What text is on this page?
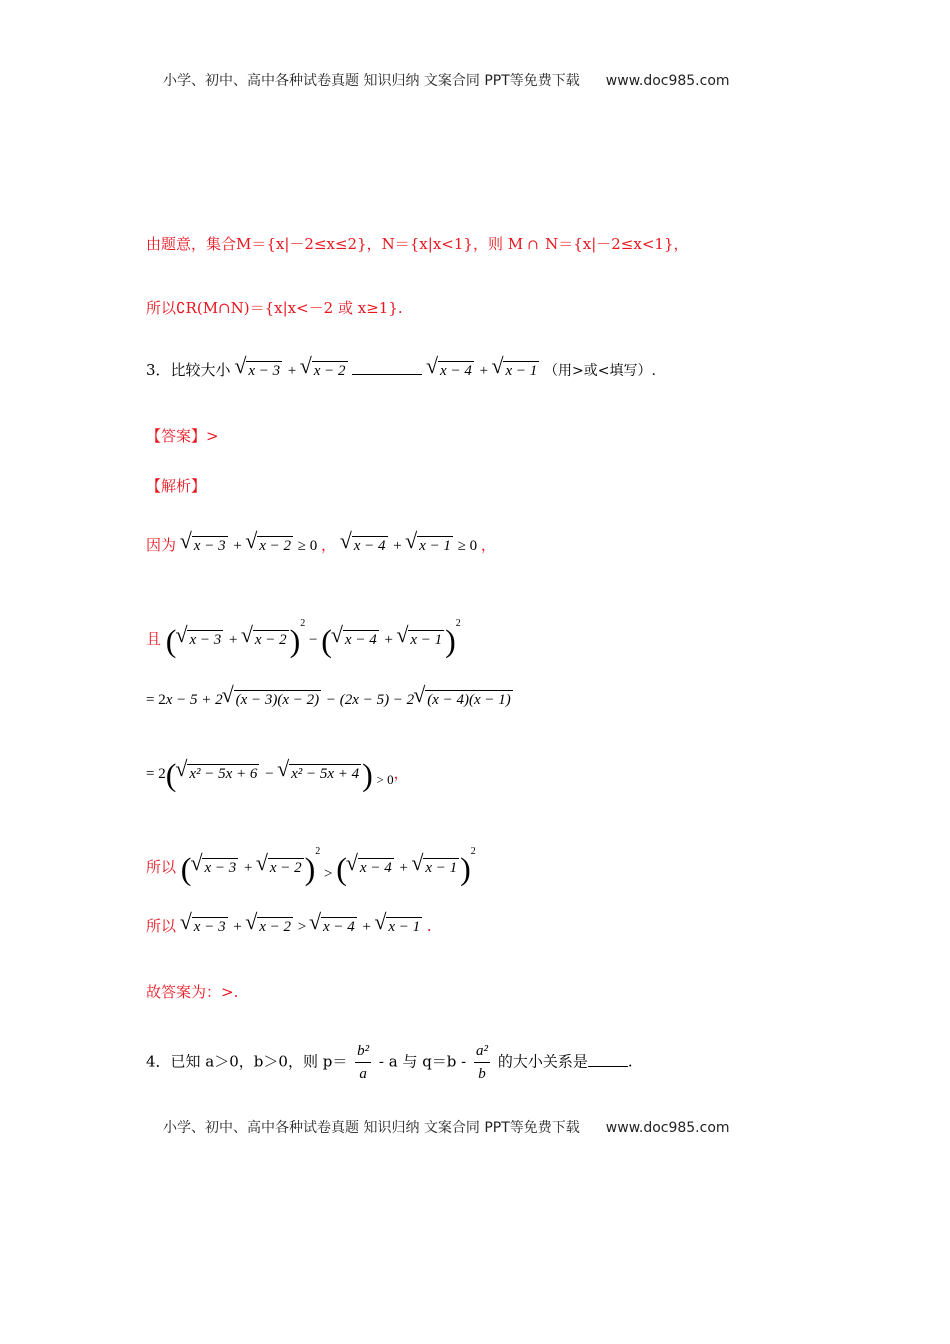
小学、初中、高中各种试卷真题 知识归纳 文案合同 PPT等免费下载 www.doc985.com
由题意，集合M＝{x|－2≤x≤2}，N＝{x|x<1}，则 M ∩ N＝{x|－2≤x<1}，
所以∁R(M∩N)＝{x|x<－2 或 x≥1}.
3．比较大小 √ x − 3 + √ x − 2	√ x − 4 + √ x − 1 （用>或<填写）.
【答案】>
【解析】
因为 √ x − 3 + √ x − 2 ≥ 0 ， √ x − 4 + √ x − 1 ≥ 0 ，
且 ( √ x − 3 + √ x − 2)$^2$ − ( √ x − 4 + √ x − 1)$^2$
= 2x − 5 + 2 √ (x − 3)(x − 2) − (2x − 5) − 2 √ (x − 4)(x − 1)
= 2( √ x² − 5x + 6 − √ x² − 5x + 4) > 0，
所以 ( √ x − 3 + √ x − 2)$^2$ > ( √ x − 4 + √ x − 1)$^2$
所以 √ x − 3 + √ x − 2 > √ x − 4 + √ x − 1 .
故答案为：>.
4．已知 a＞0，b＞0，则 $p= \frac{\text{b²}}{a} - a$ 与 $q=b - \frac{\text{a²}}{b}$ 的大小关系是	.
小学、初中、高中各种试卷真题 知识归纳 文案合同 PPT等免费下载 www.doc985.com
